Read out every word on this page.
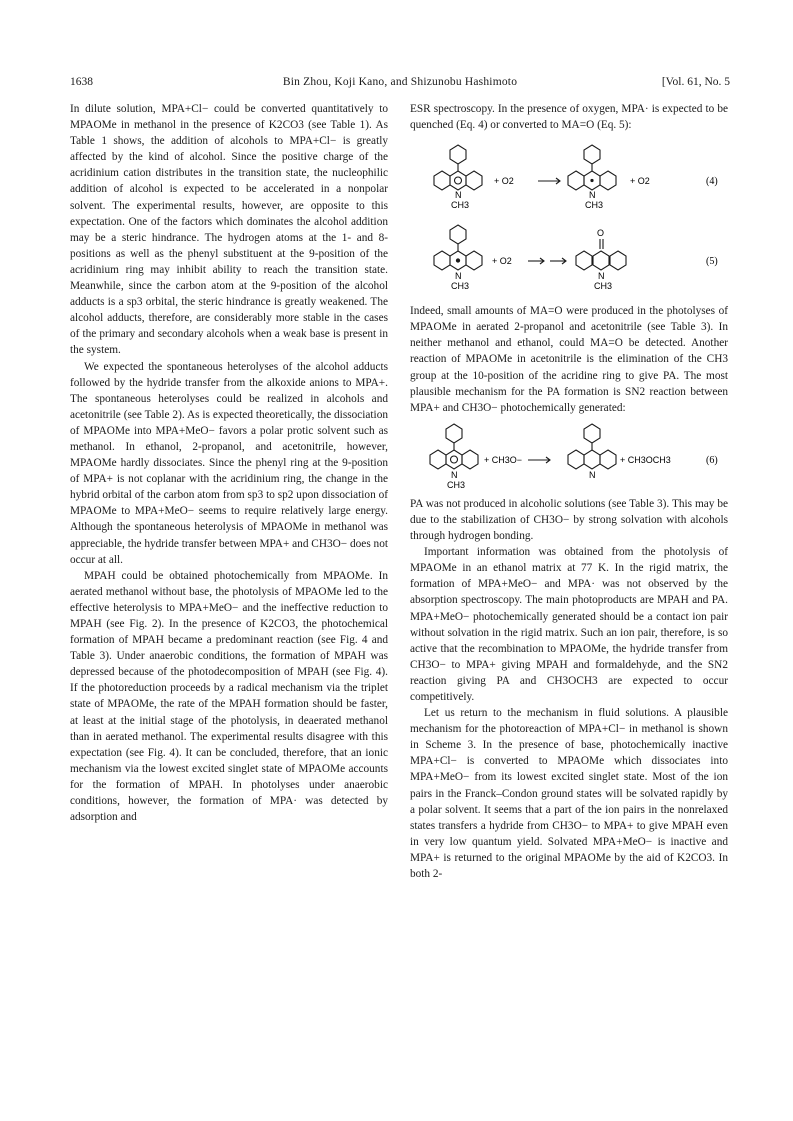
1638	Bin Zhou, Koji Kano, and Shizunobu Hashimoto	[Vol. 61, No. 5

In dilute solution, MPA+Cl− could be converted quantitatively to MPAOMe in methanol in the presence of K2CO3 (see Table 1). As Table 1 shows, the addition of alcohols to MPA+Cl− is greatly affected by the kind of alcohol. Since the positive charge of the acridinium cation distributes in the transition state, the nucleophilic addition of alcohol is expected to be accelerated in a nonpolar solvent. The experimental results, however, are opposite to this expectation. One of the factors which dominates the alcohol addition may be a steric hindrance. The hydrogen atoms at the 1- and 8-positions as well as the phenyl substituent at the 9-position of the acridinium ring may inhibit ability to reach the transition state. Meanwhile, since the carbon atom at the 9-position of the alcohol adducts is a sp3 orbital, the steric hindrance is greatly weakened. The alcohol adducts, therefore, are considerably more stable in the cases of the primary and secondary alcohols when a weak base is present in the system.

We expected the spontaneous heterolyses of the alcohol adducts followed by the hydride transfer from the alkoxide anions to MPA+. The spontaneous heterolyses could be realized in alcohols and acetonitrile (see Table 2). As is expected theoretically, the dissociation of MPAOMe into MPA+MeO− favors a polar protic solvent such as methanol. In ethanol, 2-propanol, and acetonitrile, however, MPAOMe hardly dissociates. Since the phenyl ring at the 9-position of MPA+ is not coplanar with the acridinium ring, the change in the hybrid orbital of the carbon atom from sp3 to sp2 upon dissociation of MPAOMe to MPA+MeO− seems to require relatively large energy. Although the spontaneous heterolysis of MPAOMe in methanol was appreciable, the hydride transfer between MPA+ and CH3O− does not occur at all.

MPAH could be obtained photochemically from MPAOMe. In aerated methanol without base, the photolysis of MPAOMe led to the effective heterolysis to MPA+MeO− and the ineffective reduction to MPAH (see Fig. 2). In the presence of K2CO3, the photochemical formation of MPAH became a predominant reaction (see Fig. 4 and Table 3). Under anaerobic conditions, the formation of MPAH was depressed because of the photodecomposition of MPAH (see Fig. 4). If the photoreduction proceeds by a radical mechanism via the triplet state of MPAOMe, the rate of the MPAH formation should be faster, at least at the initial stage of the photolysis, in deaerated methanol than in aerated methanol. The experimental results disagree with this expectation (see Fig. 4). It can be concluded, therefore, that an ionic mechanism via the lowest excited singlet state of MPAOMe accounts for the formation of MPAH. In photolyses under anaerobic conditions, however, the formation of MPA· was detected by adsorption and

ESR spectroscopy. In the presence of oxygen, MPA· is expected to be quenched (Eq. 4) or converted to MA=O (Eq. 5):

N
CH3
+ O2
N
CH3
+ O2	(4)
O
N
CH3
+ O2
N
CH3
(5)

Indeed, small amounts of MA=O were produced in the photolyses of MPAOMe in aerated 2-propanol and acetonitrile (see Table 3). In neither methanol and ethanol, could MA=O be detected. Another reaction of MPAOMe in acetonitrile is the elimination of the CH3 group at the 10-position of the acridine ring to give PA. The most plausible mechanism for the PA formation is SN2 reaction between MPA+ and CH3O− photochemically generated:

N
CH3
+ CH3O−
N
+ CH3OCH3	(6)

PA was not produced in alcoholic solutions (see Table 3). This may be due to the stabilization of CH3O− by strong solvation with alcohols through hydrogen bonding.

Important information was obtained from the photolysis of MPAOMe in an ethanol matrix at 77 K. In the rigid matrix, the formation of MPA+MeO− and MPA· was not observed by the absorption spectroscopy. The main photoproducts are MPAH and PA. MPA+MeO− photochemically generated should be a contact ion pair without solvation in the rigid matrix. Such an ion pair, therefore, is so active that the recombination to MPAOMe, the hydride transfer from CH3O− to MPA+ giving MPAH and formaldehyde, and the SN2 reaction giving PA and CH3OCH3 are expected to occur competitively.

Let us return to the mechanism in fluid solutions. A plausible mechanism for the photoreaction of MPA+Cl− in methanol is shown in Scheme 3. In the presence of base, photochemically inactive MPA+Cl− is converted to MPAOMe which dissociates into MPA+MeO− from its lowest excited singlet state. Most of the ion pairs in the Franck–Condon ground states will be solvated rapidly by a polar solvent. It seems that a part of the ion pairs in the nonrelaxed states transfers a hydride from CH3O− to MPA+ to give MPAH even in very low quantum yield. Solvated MPA+MeO− is inactive and MPA+ is returned to the original MPAOMe by the aid of K2CO3. In both 2-
